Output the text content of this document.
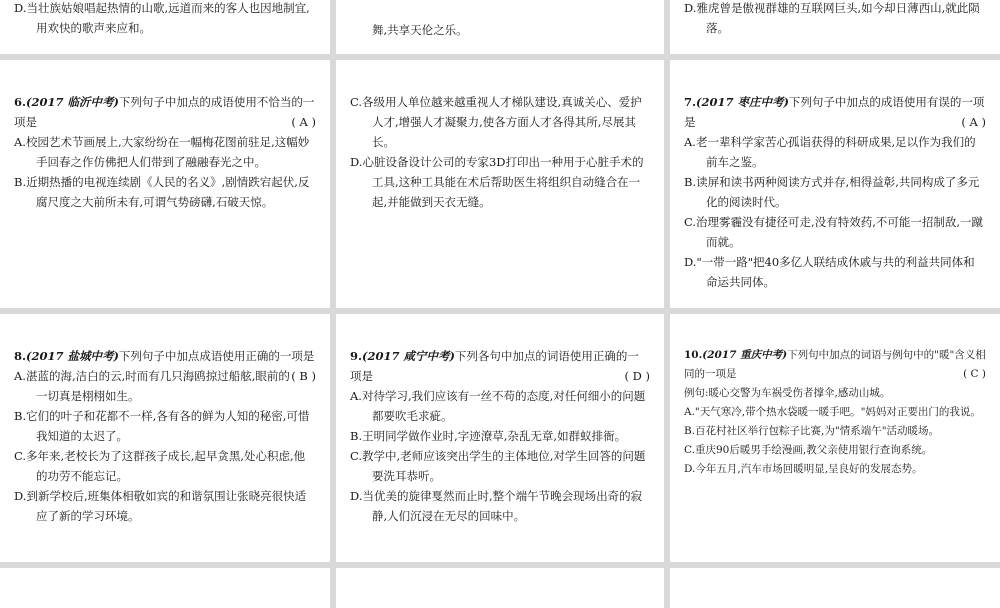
D.当壮族姑娘唱起热情的山歌,远道而来的客人也因地制宜,用欢快的歌声来应和。	舞,共享天伦之乐。

D.雅虎曾是傲视群雄的互联网巨头,如今却日薄西山,就此陨落。

6.(2017 临沂中考)下列句子中加点的成语使用不恰当的一项是	( A )

A.校园艺术节画展上,大家纷纷在一幅梅花图前驻足,这幅妙手回春之作仿佛把人们带到了融融春光之中。

B.近期热播的电视连续剧《人民的名义》,剧情跌宕起伏,反腐尺度之大前所未有,可谓气势磅礴,石破天惊。

C.各级用人单位越来越重视人才梯队建设,真诚关心、爱护人才,增强人才凝聚力,使各方面人才各得其所,尽展其长。

D.心脏设备设计公司的专家3D打印出一种用于心脏手术的工具,这种工具能在术后帮助医生将组织自动缝合在一起,并能做到天衣无缝。

7.(2017 枣庄中考)下列句子中加点的成语使用有误的一项是	( A )

A.老一辈科学家苦心孤诣获得的科研成果,足以作为我们的前车之鉴。

B.读屏和读书两种阅读方式并存,相得益彰,共同构成了多元化的阅读时代。

C.治理雾霾没有捷径可走,没有特效药,不可能一招制敌,一蹴而就。

D."一带一路"把40多亿人联结成休戚与共的利益共同体和命运共同体。

8.(2017 盐城中考)下列句子中加点成语使用正确的一项是
( B )

A.湛蓝的海,洁白的云,时而有几只海鸥掠过船舷,眼前的一切真是栩栩如生。

B.它们的叶子和花都不一样,各有各的鲜为人知的秘密,可惜我知道的太迟了。

C.多年来,老校长为了这群孩子成长,起早贪黑,处心积虑,他的功劳不能忘记。

D.到新学校后,班集体相敬如宾的和谐氛围让张晓亮很快适应了新的学习环境。

9.(2017 咸宁中考)下列各句中加点的词语使用正确的一项是	( D )

A.对待学习,我们应该有一丝不苟的态度,对任何细小的问题都要吹毛求疵。

B.王明同学做作业时,字迹潦草,杂乱无章,如群蚁排衙。

C.教学中,老师应该突出学生的主体地位,对学生回答的问题要洗耳恭听。

D.当优美的旋律戛然而止时,整个端午节晚会现场出奇的寂静,人们沉浸在无尽的回味中。

10.(2017 重庆中考)下列句中加点的词语与例句中的"暖"含义相同的一项是	( C )

例句:暖心交警为车祸受伤者撑伞,感动山城。

A."天气寒冷,带个热水袋暖一暖手吧。"妈妈对正要出门的我说。

B.百花村社区举行包粽子比赛,为"情系端午"活动暖场。

C.重庆90后暖男手绘漫画,教父亲使用银行查询系统。

D.今年五月,汽车市场回暖明显,呈良好的发展态势。
